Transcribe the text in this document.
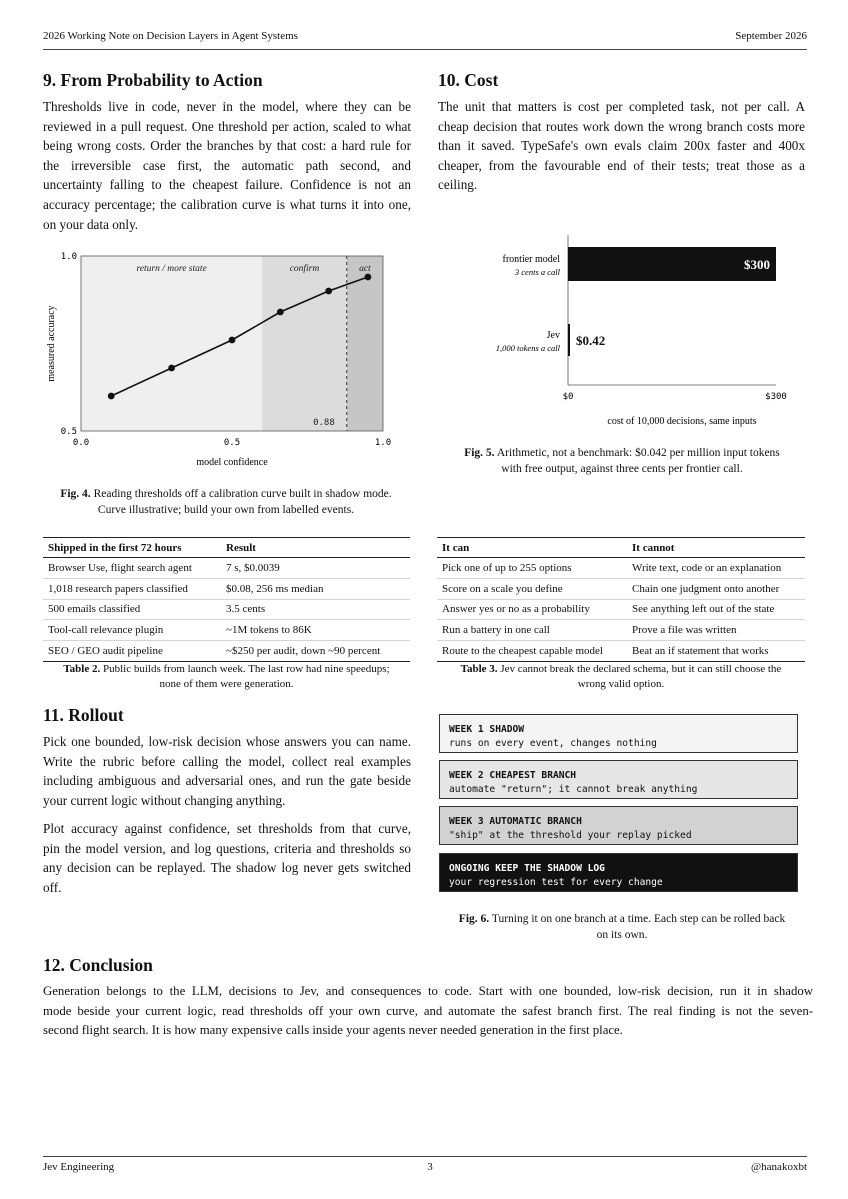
2026 Working Note on Decision Layers in Agent Systems	September 2026
9. From Probability to Action
Thresholds live in code, never in the model, where they can be
reviewed in a pull request. One threshold per action, scaled to what
being wrong costs. Order the branches by that cost: a hard rule for
the irreversible case first, the automatic path second, and
uncertainty falling to the cheapest failure. Confidence is not an
accuracy percentage; the calibration curve is what turns it into one,
on your data only.
10. Cost
The unit that matters is cost per completed task, not per call. A
cheap decision that routes work down the wrong branch costs more
than it saved. TypeSafe's own evals claim 200x faster and 400x
cheaper, from the favourable end of their tests; treat those as a
ceiling.
return / more state	confirm	act
0.88
0.0	0.5	1.0
0.5
1.0
model confidence
measured accuracy
Fig. 4. Reading thresholds off a calibration curve built in shadow mode.
Curve illustrative; build your own from labelled events.
frontier model
3 cents a call	$300
Jev
1,000 tokens a call $0.42
$0	$300
cost of 10,000 decisions, same inputs
Fig. 5. Arithmetic, not a benchmark: $0.042 per million input tokens
with free output, against three cents per frontier call.
Shipped in the first 72 hours	Result
Browser Use, flight search agent	7 s, $0.0039
1,018 research papers classified	$0.08, 256 ms median
500 emails classified	3.5 cents
Tool-call relevance plugin	~1M tokens to 86K
SEO / GEO audit pipeline	~$250 per audit, down ~90 percent
Table 2. Public builds from launch week. The last row had nine speedups;
none of them were generation.
It can	It cannot
Pick one of up to 255 options	Write text, code or an explanation
Score on a scale you define	Chain one judgment onto another
Answer yes or no as a probability	See anything left out of the state
Run a battery in one call	Prove a file was written
Route to the cheapest capable model	Beat an if statement that works
Table 3. Jev cannot break the declared schema, but it can still choose the
wrong valid option.
11. Rollout
Pick one bounded, low-risk decision whose answers you can name.
Write the rubric before calling the model, collect real examples
including ambiguous and adversarial ones, and run the gate beside
your current logic without changing anything.
Plot accuracy against confidence, set thresholds from that curve,
pin the model version, and log questions, criteria and thresholds so
any decision can be replayed. The shadow log never gets switched
off.
WEEK 1 SHADOW
runs on every event, changes nothing
WEEK 2 CHEAPEST BRANCH
automate "return"; it cannot break anything
WEEK 3 AUTOMATIC BRANCH
"ship" at the threshold your replay picked
ONGOING KEEP THE SHADOW LOG
your regression test for every change
Fig. 6. Turning it on one branch at a time. Each step can be rolled back
on its own.
12. Conclusion
Generation belongs to the LLM, decisions to Jev, and consequences to code. Start with one bounded, low-risk decision, run it in shadow
mode beside your current logic, read thresholds off your own curve, and automate the safest branch first. The real finding is not the seven-
second flight search. It is how many expensive calls inside your agents never needed generation in the first place.
Jev Engineering	3	@hanakoxbt
